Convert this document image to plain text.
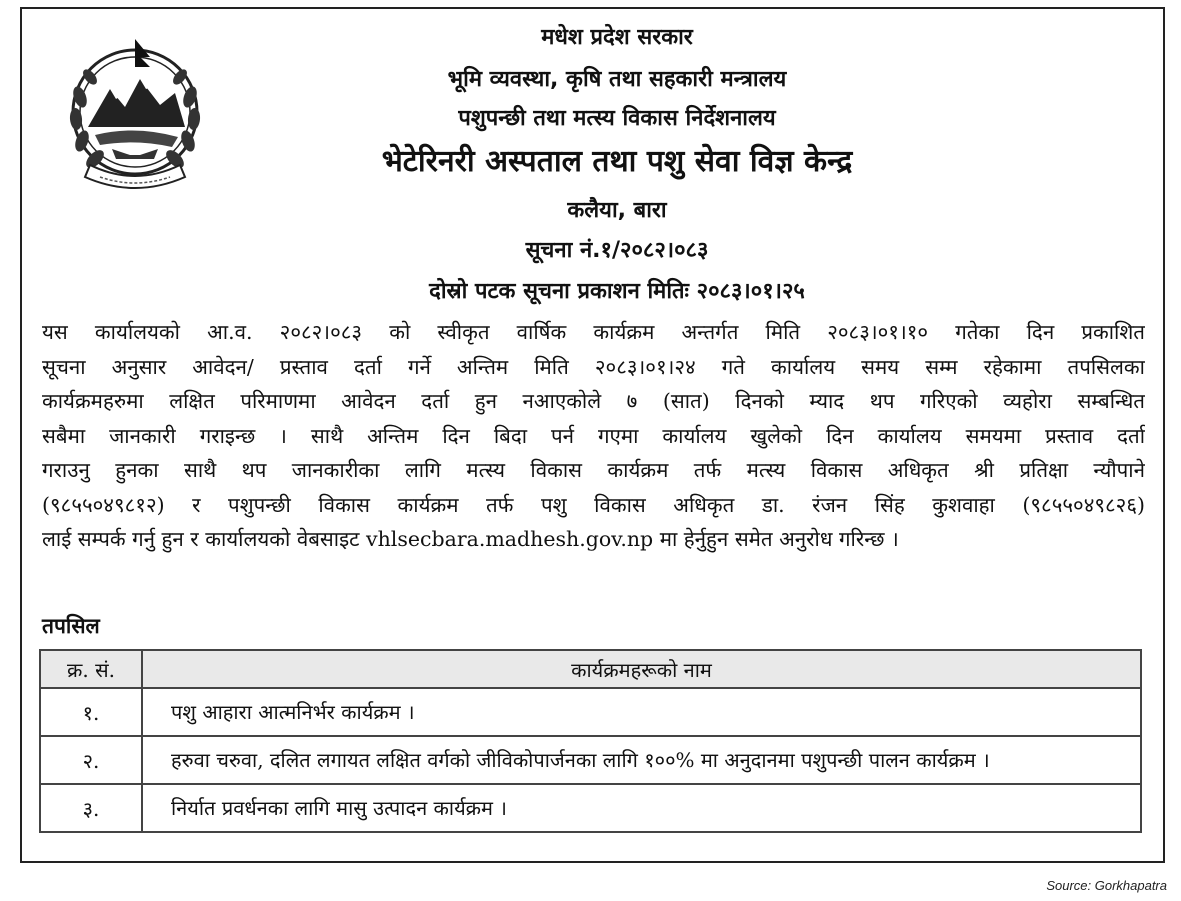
मधेश प्रदेश सरकार
भूमि व्यवस्था, कृषि तथा सहकारी मन्त्रालय
पशुपन्छी तथा मत्स्य विकास निर्देशनालय
भेटेरिनरी अस्पताल तथा पशु सेवा विज्ञ केन्द्र
कलैया, बारा
सूचना नं.१/२०८२।०८३
दोस्रो पटक सूचना प्रकाशन मितिः २०८३।०१।२५
यस कार्यालयको आ.व. २०८२।०८३ को स्वीकृत वार्षिक कार्यक्रम अन्तर्गत मिति २०८३।०१।१० गतेका दिन प्रकाशित
सूचना अनुसार आवेदन/ प्रस्ताव दर्ता गर्ने अन्तिम मिति २०८३।०१।२४ गते कार्यालय समय सम्म रहेकामा तपसिलका
कार्यक्रमहरुमा लक्षित परिमाणमा आवेदन दर्ता हुन नआएकोले ७ (सात) दिनको म्याद थप गरिएको व्यहोरा सम्बन्धित
सबैमा जानकारी गराइन्छ । साथै अन्तिम दिन बिदा पर्न गएमा कार्यालय खुलेको दिन कार्यालय समयमा प्रस्ताव दर्ता
गराउनु हुनका साथै थप जानकारीका लागि मत्स्य विकास कार्यक्रम तर्फ मत्स्य विकास अधिकृत श्री प्रतिक्षा न्यौपाने
(९८५५०४९८१२) र पशुपन्छी विकास कार्यक्रम तर्फ पशु विकास अधिकृत डा. रंजन सिंह कुशवाहा (९८५५०४९८२६)
लाई सम्पर्क गर्नु हुन र कार्यालयको वेबसाइट vhlsecbara.madhesh.gov.np मा हेर्नुहुन समेत अनुरोध गरिन्छ ।
तपसिल
क्र. सं.	कार्यक्रमहरूको नाम
१.	पशु आहारा आत्मनिर्भर कार्यक्रम ।
२.	हरुवा चरुवा, दलित लगायत लक्षित वर्गको जीविकोपार्जनका लागि १००% मा अनुदानमा पशुपन्छी पालन कार्यक्रम ।
३.	निर्यात प्रवर्धनका लागि मासु उत्पादन कार्यक्रम ।
Source: Gorkhapatra
